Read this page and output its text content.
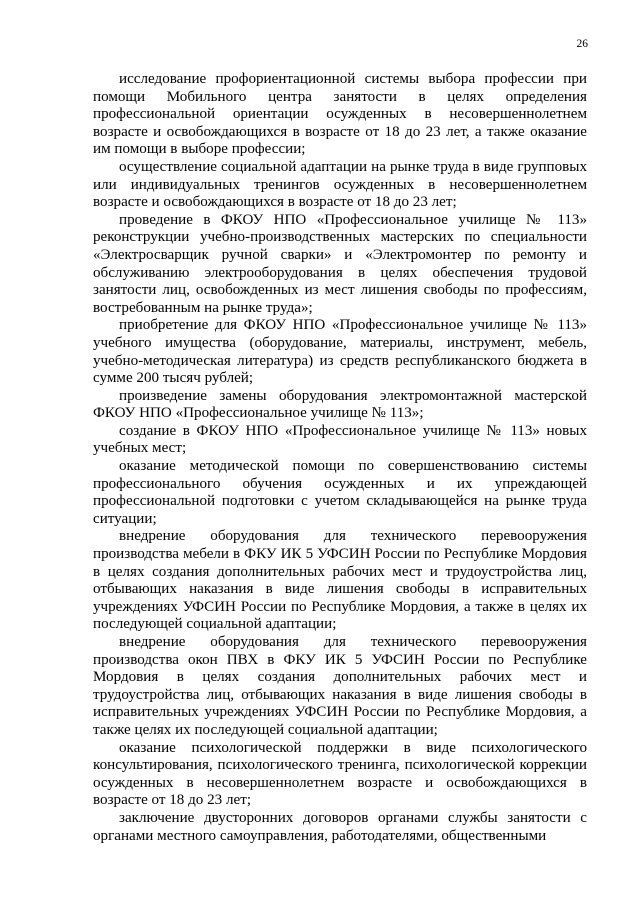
26

исследование профориентационной системы выбора профессии при помощи Мобильного центра занятости в целях определения профессиональной ориентации осужденных в несовершеннолетнем возрасте и освобождающихся в возрасте от 18 до 23 лет, а также оказание им помощи в выборе профессии;

осуществление социальной адаптации на рынке труда в виде групповых или индивидуальных тренингов осужденных в несовершеннолетнем возрасте и освобождающихся в возрасте от 18 до 23 лет;

проведение в ФКОУ НПО «Профессиональное училище № 113» реконструкции учебно-производственных мастерских по специальности «Электросварщик ручной сварки» и «Электромонтер по ремонту и обслуживанию электрооборудования в целях обеспечения трудовой занятости лиц, освобожденных из мест лишения свободы по профессиям, востребованным на рынке труда»;

приобретение для ФКОУ НПО «Профессиональное училище № 113» учебного имущества (оборудование, материалы, инструмент, мебель, учебно-методическая литература) из средств республиканского бюджета в сумме 200 тысяч рублей;

произведение замены оборудования электромонтажной мастерской ФКОУ НПО «Профессиональное училище № 113»;

создание в ФКОУ НПО «Профессиональное училище № 113» новых учебных мест;

оказание методической помощи по совершенствованию системы профессионального обучения осужденных и их упреждающей профессиональной подготовки с учетом складывающейся на рынке труда ситуации;

внедрение оборудования для технического перевооружения производства мебели в ФКУ ИК 5 УФСИН России по Республике Мордовия в целях создания дополнительных рабочих мест и трудоустройства лиц, отбывающих наказания в виде лишения свободы в исправительных учреждениях УФСИН России по Республике Мордовия, а также в целях их последующей социальной адаптации;

внедрение оборудования для технического перевооружения производства окон ПВХ в ФКУ ИК 5 УФСИН России по Республике Мордовия в целях создания дополнительных рабочих мест и трудоустройства лиц, отбывающих наказания в виде лишения свободы в исправительных учреждениях УФСИН России по Республике Мордовия, а также целях их последующей социальной адаптации;

оказание психологической поддержки в виде психологического консультирования, психологического тренинга, психологической коррекции осужденных в несовершеннолетнем возрасте и освобождающихся в возрасте от 18 до 23 лет;

заключение двусторонних договоров органами службы занятости с органами местного самоуправления, работодателями, общественными
